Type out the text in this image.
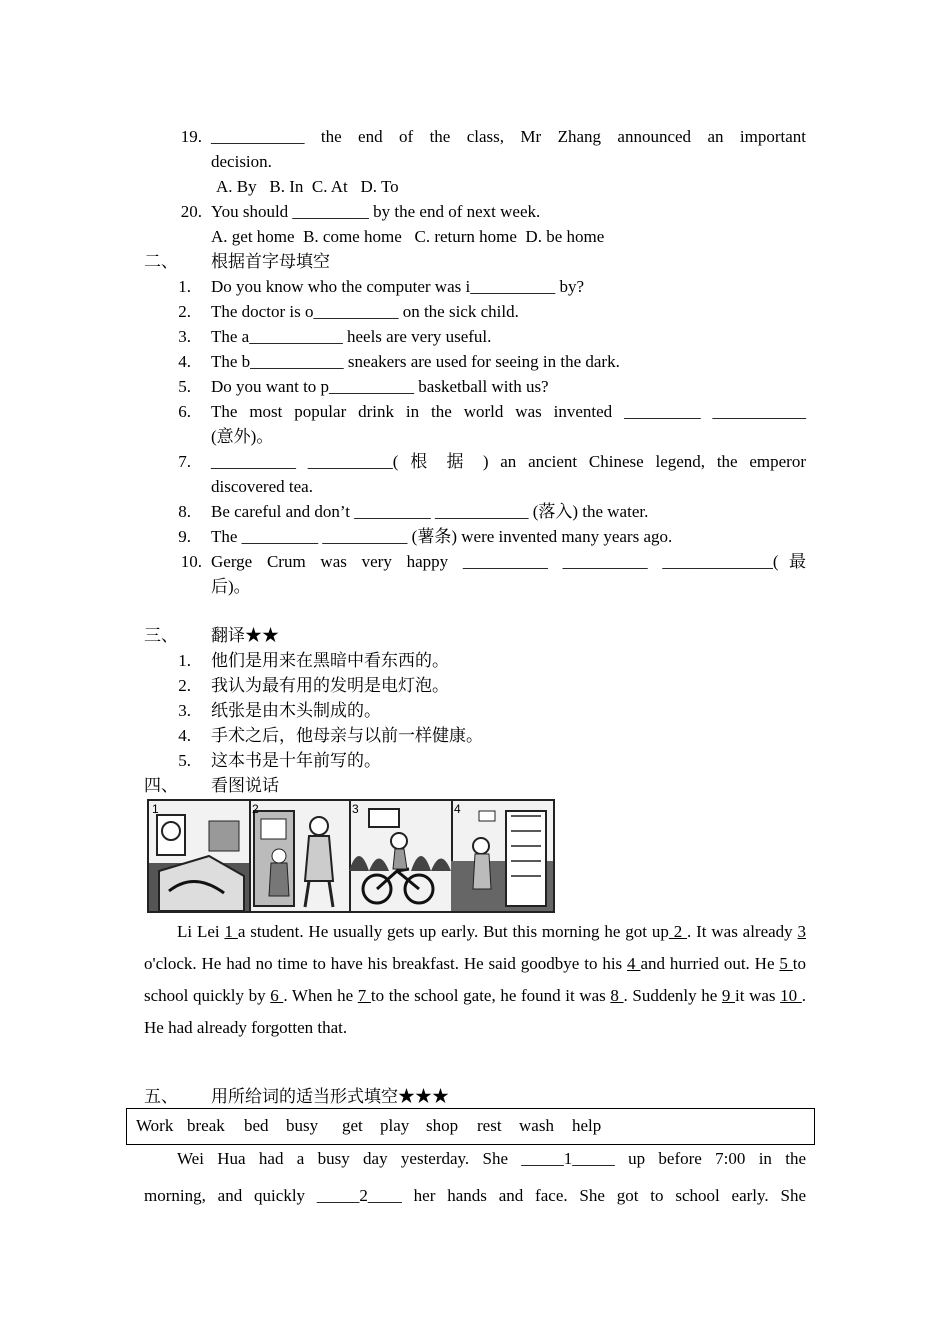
19. ___________ the end of the class, Mr Zhang announced an important
decision.
A. By   B. In  C. At   D. To
20. You should _________ by the end of next week.
A. get home  B. come home   C. return home  D. be home
二、 根据首字母填空
1. Do you know who the computer was i__________ by?
2. The doctor is o__________ on the sick child.
3. The a___________ heels are very useful.
4. The b___________ sneakers are used for seeing in the dark.
5. Do you want to p__________ basketball with us?
6. The most popular drink in the world was invented _________ ___________
(意外)。
7. __________ __________( 根 据 ) an ancient Chinese legend, the emperor
discovered tea.
8. Be careful and don’t _________ ___________ (落入) the water.
9. The _________ __________ (薯条) were invented many years ago.
10. Gerge Crum was very happy __________ __________ _____________(最
后)。
三、 翻译★★
1. 他们是用来在黑暗中看东西的。
2. 我认为最有用的发明是电灯泡。
3. 纸张是由木头制成的。
4. 手术之后，他母亲与以前一样健康。
5. 这本书是十年前写的。
四、 看图说话
1	2	3	4
Li Lei 1 a student. He usually gets up early. But this morning he got up 2 . It was already 3 o'clock. He had no time to have his breakfast. He said goodbye to his 4 and hurried out. He 5 to school quickly by 6 . When he 7 to the school gate, he found it was 8 . Suddenly he 9 it was 10 . He had already forgotten that.
五、 用所给词的适当形式填空★★★
Work break bed busy get play shop rest wash help
Wei Hua had a busy day yesterday. She _____1_____ up before 7:00 in the
morning, and quickly _____2____ her hands and face. She got to school early. She
